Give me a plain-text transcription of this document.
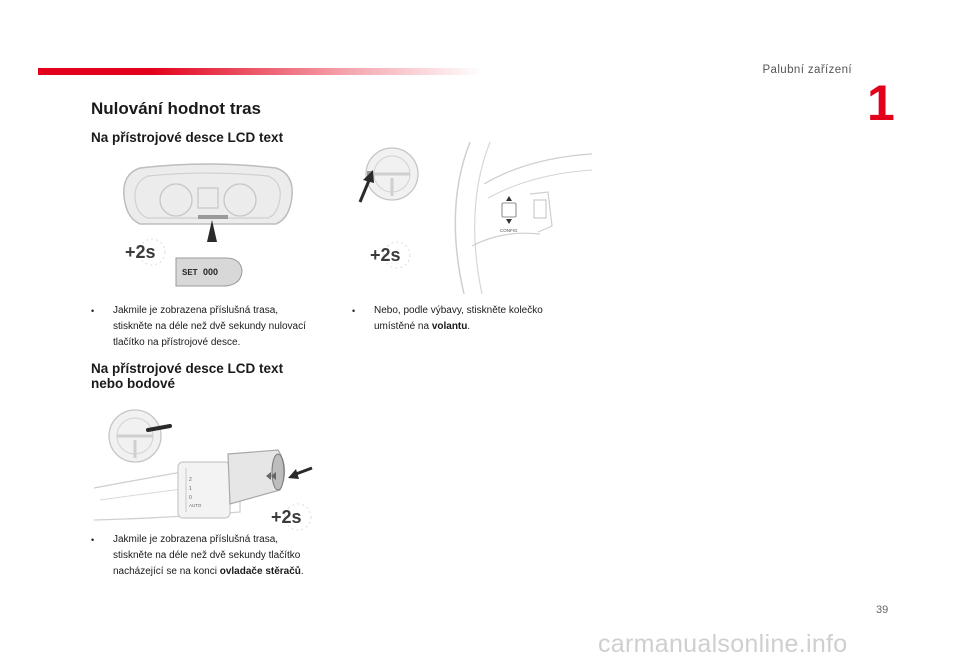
Palubní zařízení
1
Nulování hodnot tras
Na přístrojové desce LCD text
SET 000
+2s
• Jakmile je zobrazena příslušná trasa,
stiskněte na déle než dvě sekundy nulovací
tlačítko na přístrojové desce.
CONFIG
+2s
• Nebo, podle výbavy, stiskněte kolečko
umístěné na volantu.
Na přístrojové desce LCD text
nebo bodové
2
1
0
AUTO
+2s
• Jakmile je zobrazena příslušná trasa,
stiskněte na déle než dvě sekundy tlačítko
nacházející se na konci ovladače stěračů.
39
carmanualsonline.info
